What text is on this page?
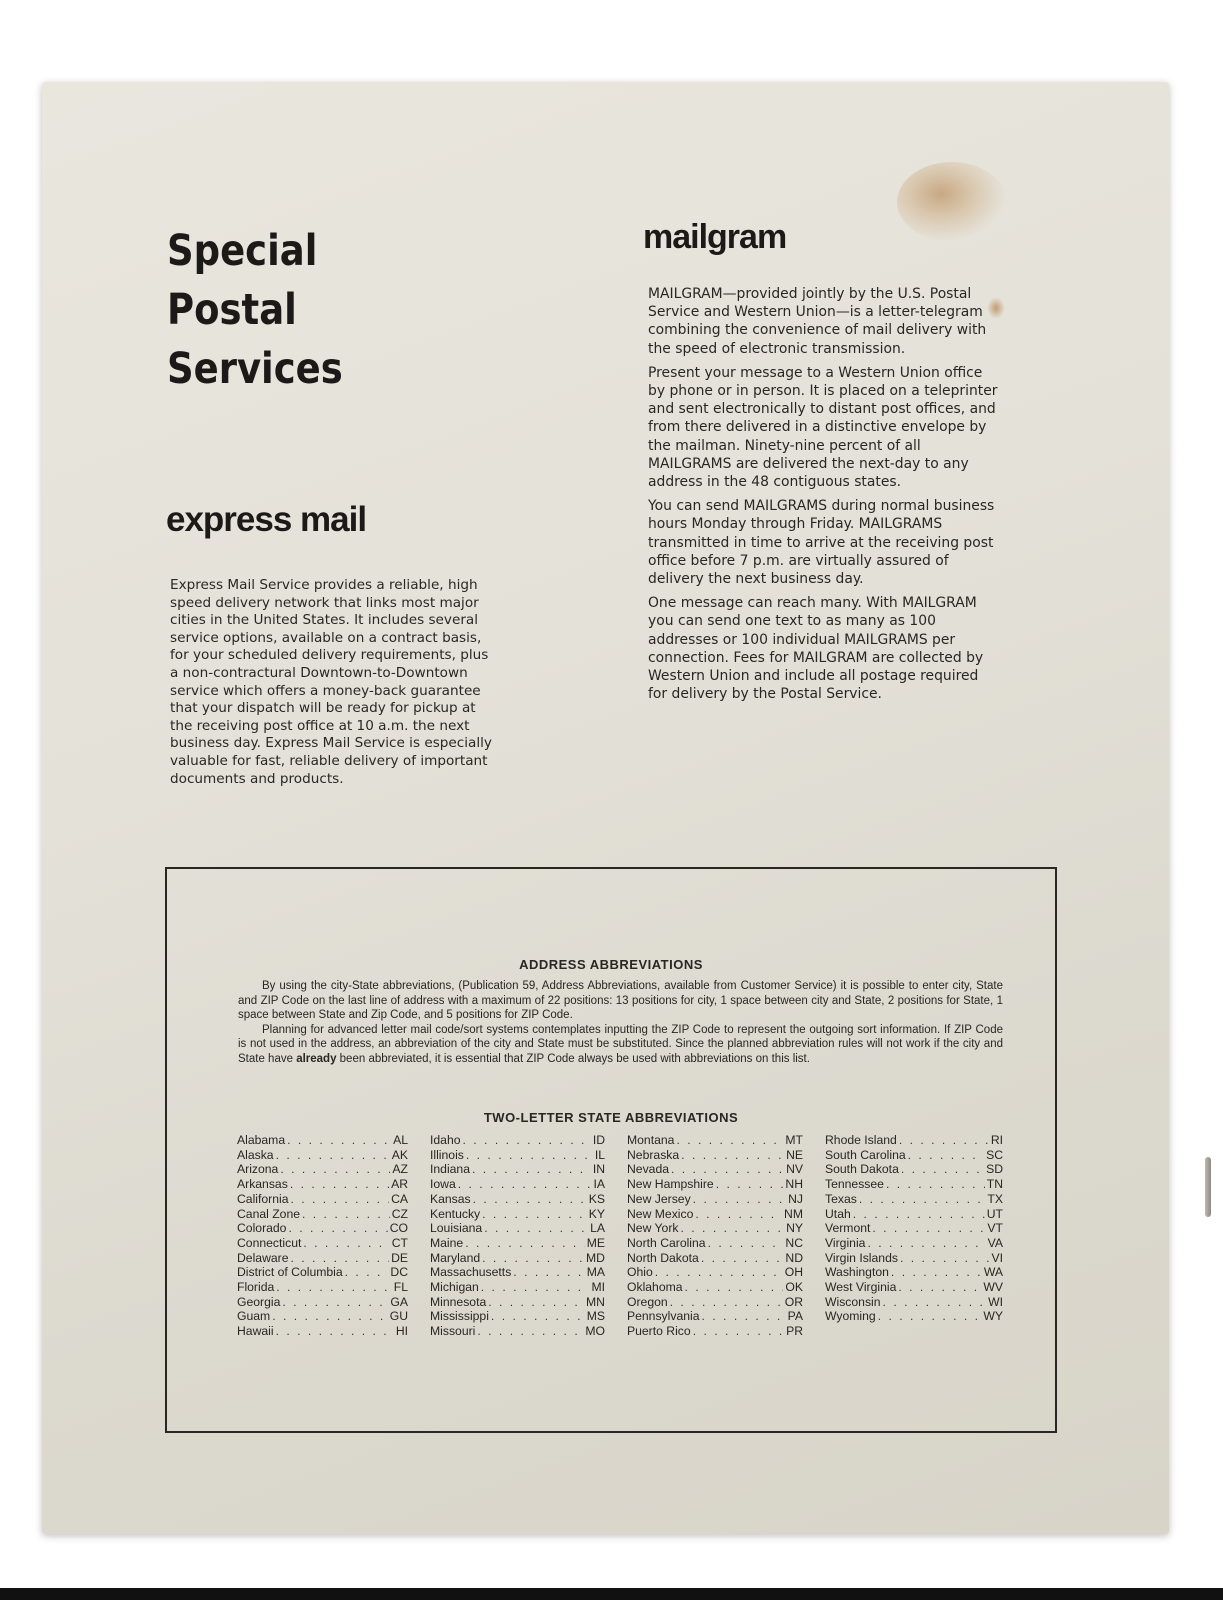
Special
Postal
Services
express mail

Express Mail Service provides a reliable, high speed delivery network that links most major cities in the United States. It includes several service options, available on a contract basis, for your scheduled delivery requirements, plus a non-contractural Downtown-to-Downtown service which offers a money-back guarantee that your dispatch will be ready for pickup at the receiving post office at 10 a.m. the next business day. Express Mail Service is especially valuable for fast, reliable delivery of important documents and products.

mailgram

MAILGRAM—provided jointly by the U.S. Postal Service and Western Union—is a letter-telegram combining the convenience of mail delivery with the speed of electronic transmission.

Present your message to a Western Union office by phone or in person. It is placed on a teleprinter and sent electronically to distant post offices, and from there delivered in a distinctive envelope by the mailman. Ninety-nine percent of all MAILGRAMS are delivered the next-day to any address in the 48 contiguous states.

You can send MAILGRAMS during normal business hours Monday through Friday. MAILGRAMS transmitted in time to arrive at the receiving post office before 7 p.m. are virtually assured of delivery the next business day.

One message can reach many. With MAILGRAM you can send one text to as many as 100 addresses or 100 individual MAILGRAMS per connection. Fees for MAILGRAM are collected by Western Union and include all postage required for delivery by the Postal Service.

ADDRESS ABBREVIATIONS

By using the city-State abbreviations, (Publication 59, Address Abbreviations, available from Customer Service) it is possible to enter city, State and ZIP Code on the last line of address with a maximum of 22 positions: 13 positions for city, 1 space between city and State, 2 positions for State, 1 space between State and Zip Code, and 5 positions for ZIP Code.

Planning for advanced letter mail code/sort systems contemplates inputting the ZIP Code to represent the outgoing sort information. If ZIP Code is not used in the address, an abbreviation of the city and State must be substituted. Since the planned abbreviation rules will not work if the city and State have already been abbreviated, it is essential that ZIP Code always be used with abbreviations on this list.

TWO-LETTER STATE ABBREVIATIONS
Alabama . . .	AL
Alaska . . .	AK
Arizona . . .	AZ
Arkansas . . .	AR
California . . .	CA
Canal Zone . . .	CZ
Colorado . . .	CO
Connecticut . . .	CT
Delaware . . .	DE
District of Columbia . . .	DC
Florida . . .	FL
Georgia . . .	GA
Guam . . .	GU
Hawaii . . .	HI
Idaho . . .	ID
Illinois . . .	IL
Indiana . . .	IN
Iowa . . .	IA
Kansas . . .	KS
Kentucky . . .	KY
Louisiana . . .	LA
Maine . . .	ME
Maryland . . .	MD
Massachusetts . . .	MA
Michigan . . .	MI
Minnesota . . .	MN
Mississippi . . .	MS
Missouri . . .	MO
Montana . . .	MT
Nebraska . . .	NE
Nevada . . .	NV
New Hampshire . . .	NH
New Jersey . . .	NJ
New Mexico . . .	NM
New York . . .	NY
North Carolina . . .	NC
North Dakota . . .	ND
Ohio . . .	OH
Oklahoma . . .	OK
Oregon . . .	OR
Pennsylvania . . .	PA
Puerto Rico . . .	PR
Rhode Island . . .	RI
South Carolina . . .	SC
South Dakota . . .	SD
Tennessee . . .	TN
Texas . . .	TX
Utah . . .	UT
Vermont . . .	VT
Virginia . . .	VA
Virgin Islands . . .	VI
Washington . . .	WA
West Virginia . . .	WV
Wisconsin . . .	WI
Wyoming . . .	WY
